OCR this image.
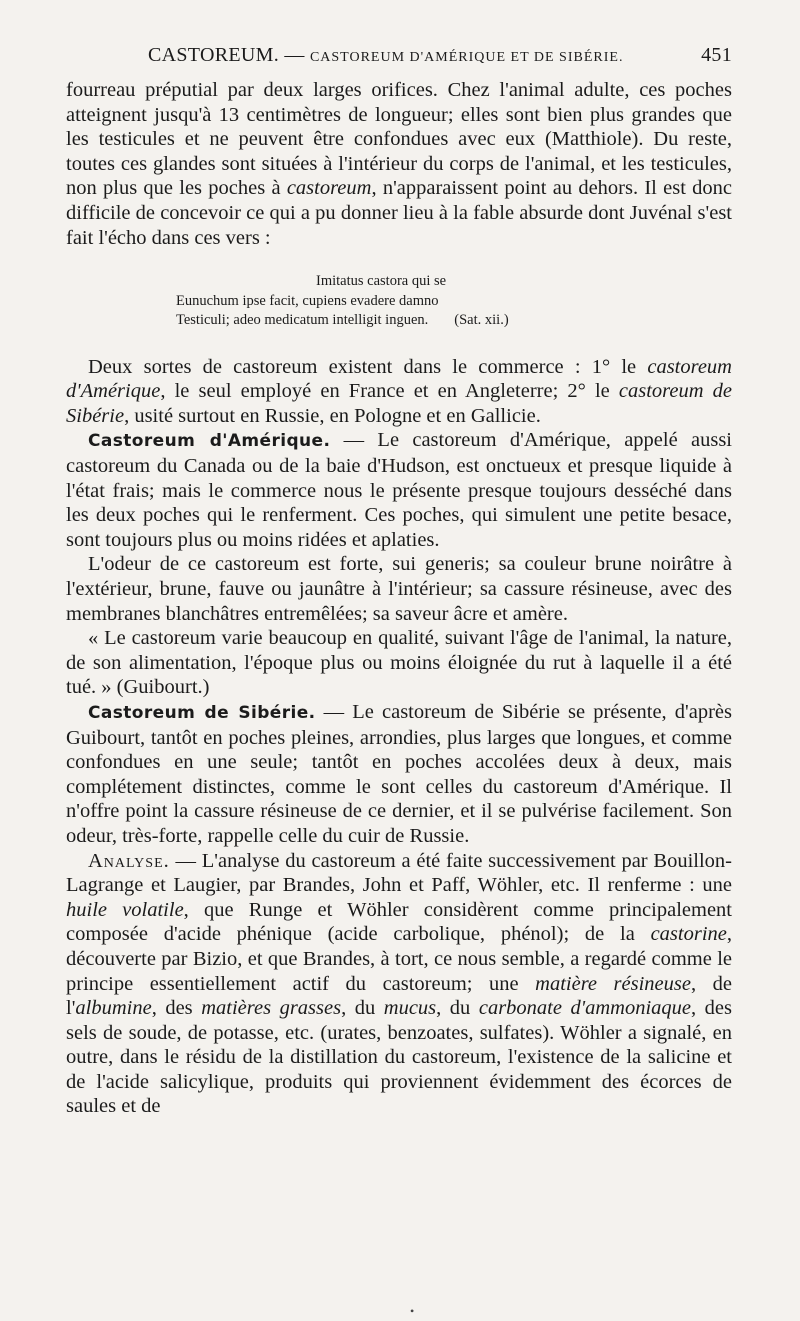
CASTOREUM. — CASTOREUM D'AMÉRIQUE ET DE SIBÉRIE.	451

fourreau préputial par deux larges orifices. Chez l'animal adulte, ces poches atteignent jusqu'à 13 centimètres de longueur; elles sont bien plus grandes que les testicules et ne peuvent être confondues avec eux (Matthiole). Du reste, toutes ces glandes sont situées à l'intérieur du corps de l'animal, et les testicules, non plus que les poches à castoreum, n'apparaissent point au dehors. Il est donc difficile de concevoir ce qui a pu donner lieu à la fable absurde dont Juvénal s'est fait l'écho dans ces vers :

Imitatus castora qui se
Eunuchum ipse facit, cupiens evadere damno
Testiculi; adeo medicatum intelligit inguen. (Sat. xii.)

Deux sortes de castoreum existent dans le commerce : 1° le castoreum d'Amérique, le seul employé en France et en Angleterre; 2° le castoreum de Sibérie, usité surtout en Russie, en Pologne et en Gallicie.

Castoreum d'Amérique. — Le castoreum d'Amérique, appelé aussi castoreum du Canada ou de la baie d'Hudson, est onctueux et presque liquide à l'état frais; mais le commerce nous le présente presque toujours desséché dans les deux poches qui le renferment. Ces poches, qui simulent une petite besace, sont toujours plus ou moins ridées et aplaties.

L'odeur de ce castoreum est forte, sui generis; sa couleur brune noirâtre à l'extérieur, brune, fauve ou jaunâtre à l'intérieur; sa cassure résineuse, avec des membranes blanchâtres entremêlées; sa saveur âcre et amère.

« Le castoreum varie beaucoup en qualité, suivant l'âge de l'animal, la nature, de son alimentation, l'époque plus ou moins éloignée du rut à laquelle il a été tué. » (Guibourt.)

Castoreum de Sibérie. — Le castoreum de Sibérie se présente, d'après Guibourt, tantôt en poches pleines, arrondies, plus larges que longues, et comme confondues en une seule; tantôt en poches accolées deux à deux, mais complétement distinctes, comme le sont celles du castoreum d'Amérique. Il n'offre point la cassure résineuse de ce dernier, et il se pulvérise facilement. Son odeur, très-forte, rappelle celle du cuir de Russie.

Analyse. — L'analyse du castoreum a été faite successivement par Bouillon-Lagrange et Laugier, par Brandes, John et Paff, Wöhler, etc. Il renferme : une huile volatile, que Runge et Wöhler considèrent comme principalement composée d'acide phénique (acide carbolique, phénol); de la castorine, découverte par Bizio, et que Brandes, à tort, ce nous semble, a regardé comme le principe essentiellement actif du castoreum; une matière résineuse, de l'albumine, des matières grasses, du mucus, du carbonate d'ammoniaque, des sels de soude, de potasse, etc. (urates, benzoates, sulfates). Wöhler a signalé, en outre, dans le résidu de la distillation du castoreum, l'existence de la salicine et de l'acide salicylique, produits qui proviennent évidemment des écorces de saules et de

•
